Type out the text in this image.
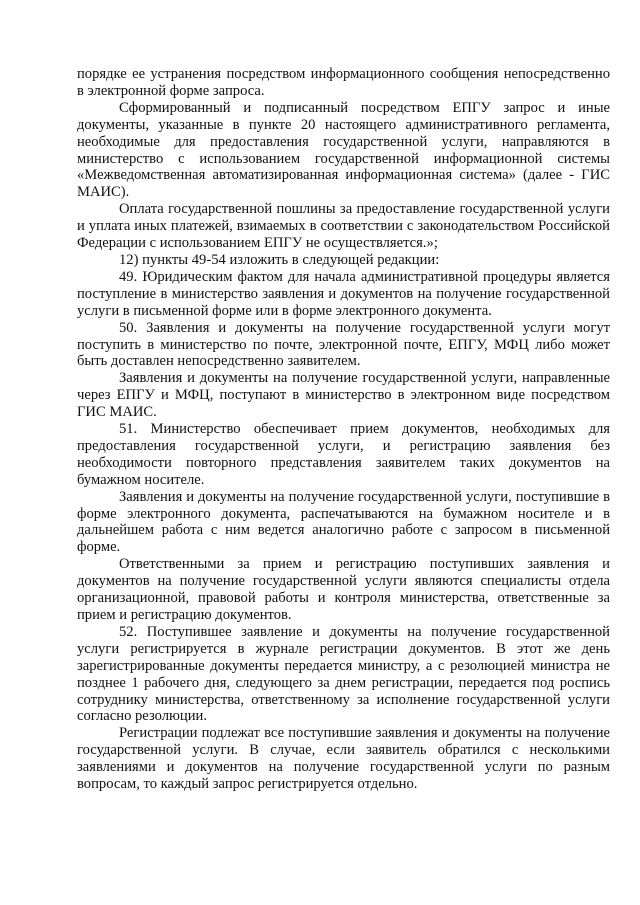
порядке ее устранения посредством информационного сообщения непосредственно в электронной форме запроса.

Сформированный и подписанный посредством ЕПГУ запрос и иные документы, указанные в пункте 20 настоящего административного регламента, необходимые для предоставления государственной услуги, направляются в министерство с использованием государственной информационной системы «Межведомственная автоматизированная информационная система» (далее - ГИС МАИС).

Оплата государственной пошлины за предоставление государственной услуги и уплата иных платежей, взимаемых в соответствии с законодательством Российской Федерации с использованием ЕПГУ не осуществляется.»;

12) пункты 49-54 изложить в следующей редакции:

49. Юридическим фактом для начала административной процедуры является поступление в министерство заявления и документов на получение государственной услуги в письменной форме или в форме электронного документа.

50. Заявления и документы на получение государственной услуги могут поступить в министерство по почте, электронной почте, ЕПГУ, МФЦ либо может быть доставлен непосредственно заявителем.

Заявления и документы на получение государственной услуги, направленные через ЕПГУ и МФЦ, поступают в министерство в электронном виде посредством ГИС МАИС.

51. Министерство обеспечивает прием документов, необходимых для предоставления государственной услуги, и регистрацию заявления без необходимости повторного представления заявителем таких документов на бумажном носителе.

Заявления и документы на получение государственной услуги, поступившие в форме электронного документа, распечатываются на бумажном носителе и в дальнейшем работа с ним ведется аналогично работе с запросом в письменной форме.

Ответственными за прием и регистрацию поступивших заявления и документов на получение государственной услуги являются специалисты отдела организационной, правовой работы и контроля министерства, ответственные за прием и регистрацию документов.

52. Поступившее заявление и документы на получение государственной услуги регистрируется в журнале регистрации документов. В этот же день зарегистрированные документы передается министру, а с резолюцией министра не позднее 1 рабочего дня, следующего за днем регистрации, передается под роспись сотруднику министерства, ответственному за исполнение государственной услуги согласно резолюции.

Регистрации подлежат все поступившие заявления и документы на получение государственной услуги. В случае, если заявитель обратился с несколькими заявлениями и документов на получение государственной услуги по разным вопросам, то каждый запрос регистрируется отдельно.
